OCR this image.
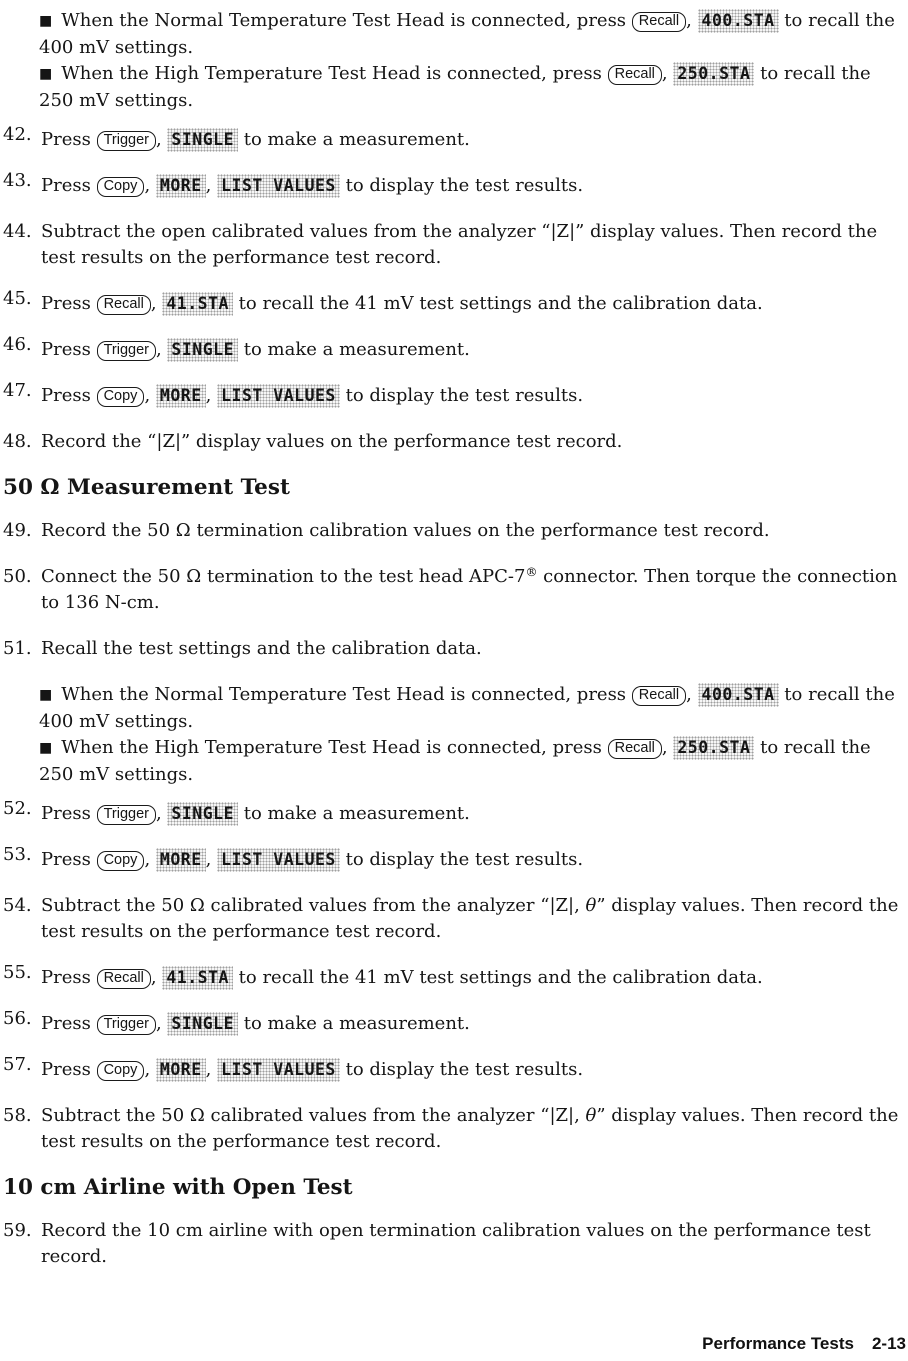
■ When the Normal Temperature Test Head is connected, press Recall , 400.STA to recall the 400 mV settings.
■ When the High Temperature Test Head is connected, press Recall , 250.STA to recall the 250 mV settings.
42. Press Trigger , SINGLE to make a measurement.
43. Press Copy , MORE , LIST VALUES to display the test results.
44. Subtract the open calibrated values from the analyzer “|Z|” display values. Then record the test results on the performance test record.
45. Press Recall , 41.STA to recall the 41 mV test settings and the calibration data.
46. Press Trigger , SINGLE to make a measurement.
47. Press Copy , MORE , LIST VALUES to display the test results.
48. Record the “|Z|” display values on the performance test record.
50 Ω Measurement Test
49. Record the 50 Ω termination calibration values on the performance test record.
50. Connect the 50 Ω termination to the test head APC-7® connector. Then torque the connection to 136 N-cm.
51. Recall the test settings and the calibration data.
■ When the Normal Temperature Test Head is connected, press Recall , 400.STA to recall the 400 mV settings.
■ When the High Temperature Test Head is connected, press Recall , 250.STA to recall the 250 mV settings.
52. Press Trigger , SINGLE to make a measurement.
53. Press Copy , MORE , LIST VALUES to display the test results.
54. Subtract the 50 Ω calibrated values from the analyzer “|Z|, θ” display values. Then record the test results on the performance test record.
55. Press Recall , 41.STA to recall the 41 mV test settings and the calibration data.
56. Press Trigger , SINGLE to make a measurement.
57. Press Copy , MORE , LIST VALUES to display the test results.
58. Subtract the 50 Ω calibrated values from the analyzer “|Z|, θ” display values. Then record the test results on the performance test record.
10 cm Airline with Open Test
59. Record the 10 cm airline with open termination calibration values on the performance test record.
Performance Tests 2-13
